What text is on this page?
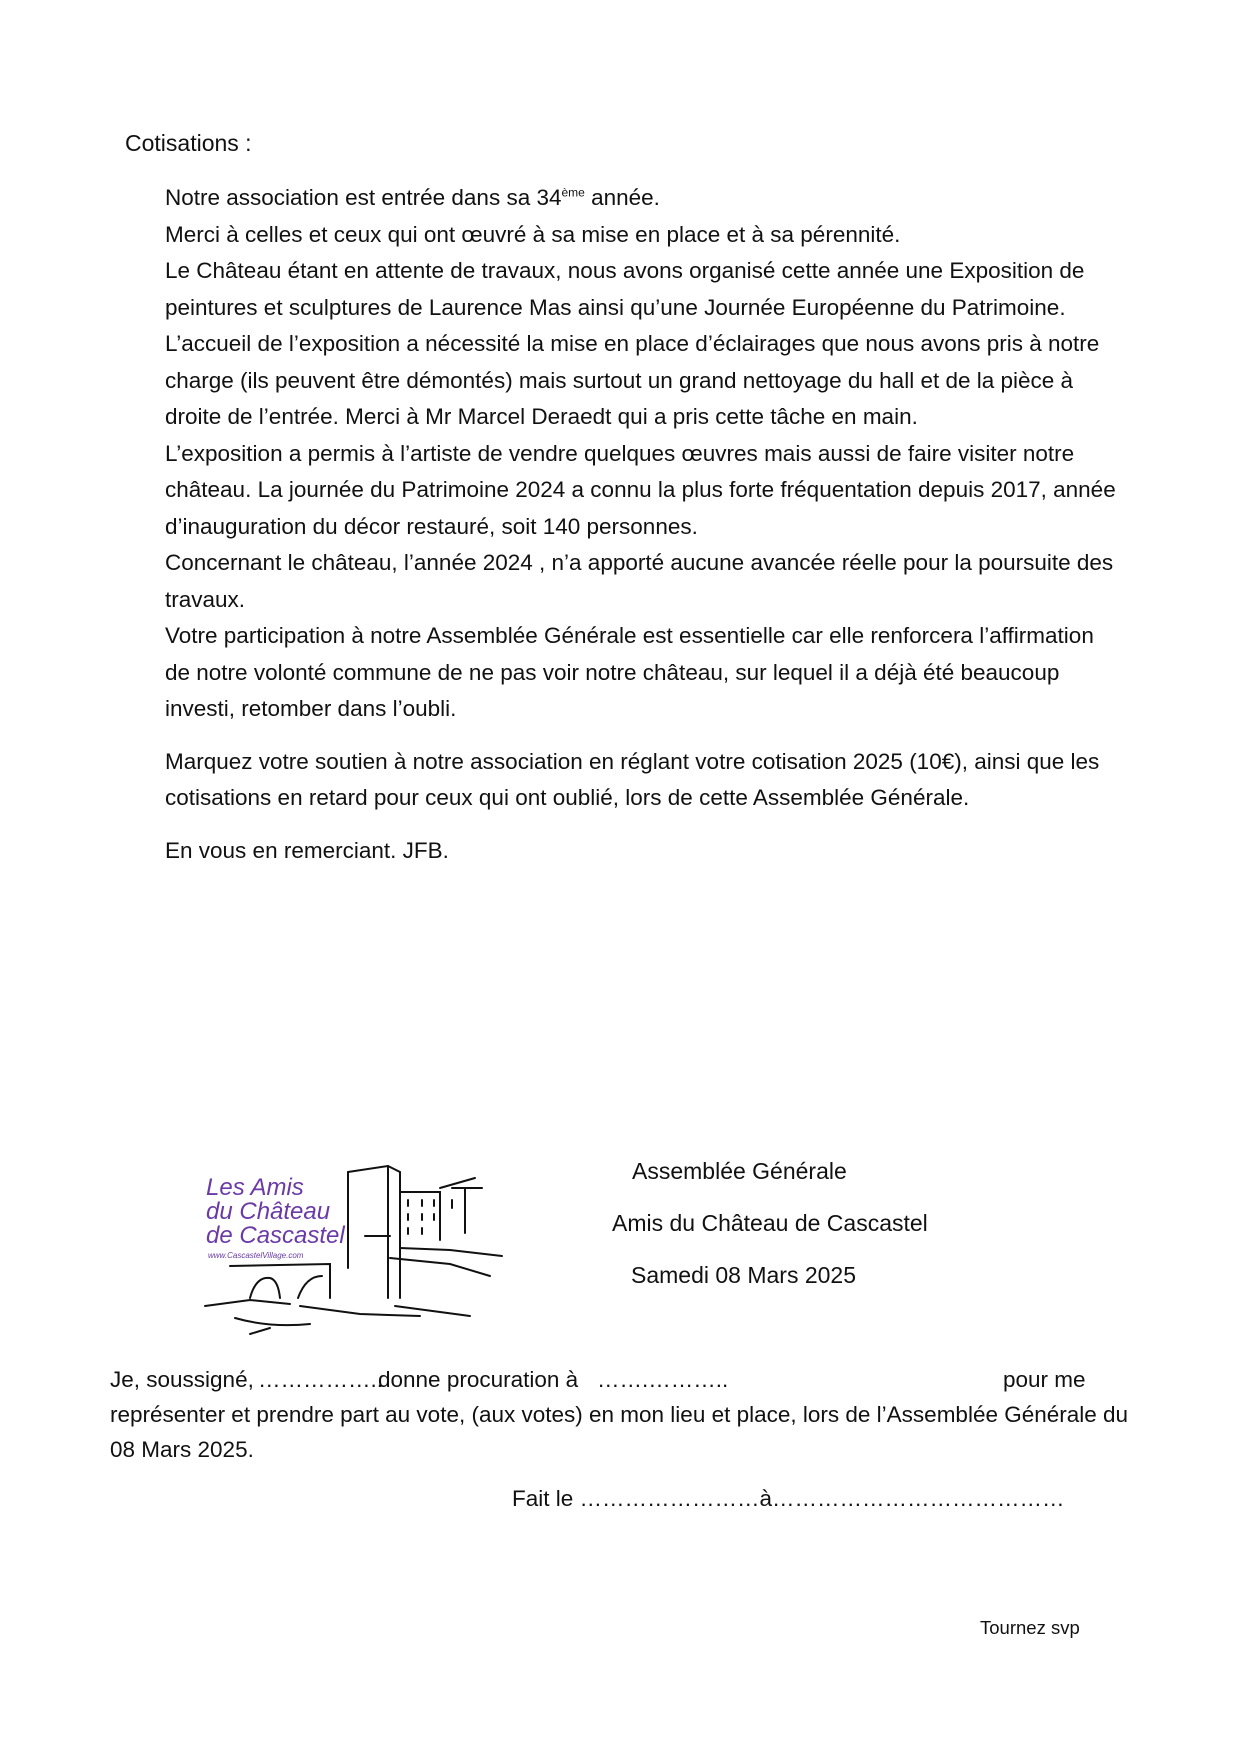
Cotisations :

Notre association est entrée dans sa 34ème année.

Merci à celles et ceux qui ont œuvré à sa mise en place et à sa pérennité.

Le Château étant en attente de travaux, nous avons organisé cette année une Exposition de peintures et sculptures de Laurence Mas ainsi qu’une Journée Européenne du Patrimoine.

L’accueil de l’exposition a nécessité la mise en place d’éclairages que nous avons pris à notre charge (ils peuvent être démontés) mais surtout un grand nettoyage du hall et de la pièce à droite de l’entrée. Merci à Mr Marcel Deraedt qui a pris cette tâche en main.

L’exposition a permis à l’artiste de vendre quelques œuvres mais aussi de faire visiter notre château. La journée du Patrimoine 2024 a connu la plus forte fréquentation depuis 2017, année d’inauguration du décor restauré, soit 140 personnes.

Concernant le château, l’année 2024 , n’a apporté aucune avancée réelle pour la poursuite des travaux.

Votre participation à notre Assemblée Générale est essentielle car elle renforcera l’affirmation de notre volonté commune de ne pas voir notre château, sur lequel il a déjà été beaucoup investi, retomber dans l’oubli.

Marquez votre soutien à notre association en réglant votre cotisation 2025 (10€), ainsi que les cotisations en retard pour ceux qui ont oublié, lors de cette Assemblée Générale.

En vous en remerciant. JFB.

Les Amis
du Château
de Cascastel
www.CascastelVillage.com
Assemblée Générale
Amis du Château de Cascastel
Samedi 08 Mars 2025
Je, soussigné, ……………..
donne procuration à …….………..	pour me

représenter et prendre part au vote, (aux votes) en mon lieu et place, lors de l’Assemblée Générale du 08 Mars 2025.

Fait le ……………………à…………………………………
Tournez svp
